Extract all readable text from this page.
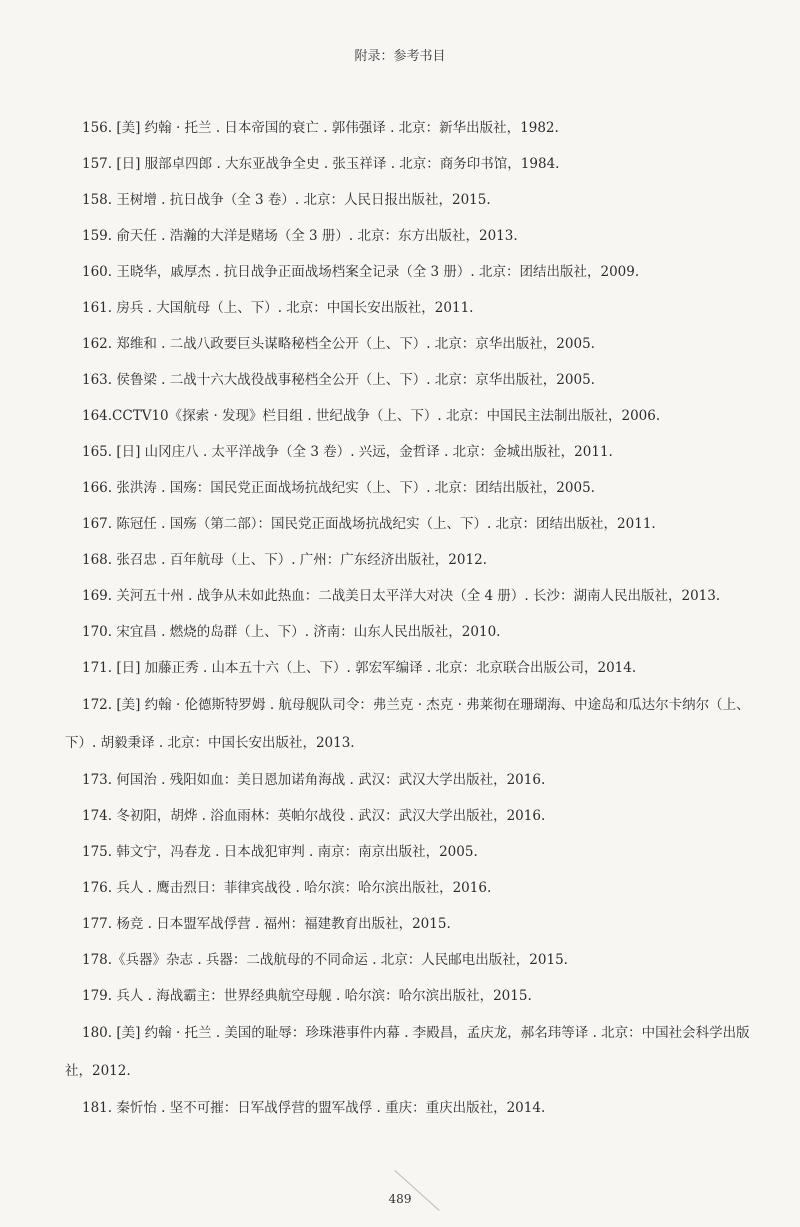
附录：参考书目
156. [美] 约翰 · 托兰 . 日本帝国的衰亡 . 郭伟强译 . 北京：新华出版社，1982.
157. [日] 服部卓四郎 . 大东亚战争全史 . 张玉祥译 . 北京：商务印书馆，1984.
158. 王树增 . 抗日战争（全 3 卷）. 北京：人民日报出版社，2015.
159. 俞天任 . 浩瀚的大洋是赌场（全 3 册）. 北京：东方出版社，2013.
160. 王晓华，戚厚杰 . 抗日战争正面战场档案全记录（全 3 册）. 北京：团结出版社，2009.
161. 房兵 . 大国航母（上、下）. 北京：中国长安出版社，2011.
162. 郑维和 . 二战八政要巨头谋略秘档全公开（上、下）. 北京：京华出版社，2005.
163. 侯鲁梁 . 二战十六大战役战事秘档全公开（上、下）. 北京：京华出版社，2005.
164.CCTV10《探索 · 发现》栏目组 . 世纪战争（上、下）. 北京：中国民主法制出版社，2006.
165. [日] 山冈庄八 . 太平洋战争（全 3 卷）. 兴远，金哲译 . 北京：金城出版社，2011.
166. 张洪涛 . 国殇：国民党正面战场抗战纪实（上、下）. 北京：团结出版社，2005.
167. 陈冠任 . 国殇（第二部）：国民党正面战场抗战纪实（上、下）. 北京：团结出版社，2011.
168. 张召忠 . 百年航母（上、下）. 广州：广东经济出版社，2012.
169. 关河五十州 . 战争从未如此热血：二战美日太平洋大对决（全 4 册）. 长沙：湖南人民出版社，2013.
170. 宋宜昌 . 燃烧的岛群（上、下）. 济南：山东人民出版社，2010.
171. [日] 加藤正秀 . 山本五十六（上、下）. 郭宏军编译 . 北京：北京联合出版公司，2014.
172. [美] 约翰 · 伦德斯特罗姆 . 航母舰队司令：弗兰克 · 杰克 · 弗莱彻在珊瑚海、中途岛和瓜达尔卡纳尔（上、下）. 胡毅秉译 . 北京：中国长安出版社，2013.
173. 何国治 . 残阳如血：美日恩加诺角海战 . 武汉：武汉大学出版社，2016.
174. 冬初阳，胡烨 . 浴血雨林：英帕尔战役 . 武汉：武汉大学出版社，2016.
175. 韩文宁，冯春龙 . 日本战犯审判 . 南京：南京出版社，2005.
176. 兵人 . 鹰击烈日：菲律宾战役 . 哈尔滨：哈尔滨出版社，2016.
177. 杨竞 . 日本盟军战俘营 . 福州：福建教育出版社，2015.
178.《兵器》杂志 . 兵器：二战航母的不同命运 . 北京：人民邮电出版社，2015.
179. 兵人 . 海战霸主：世界经典航空母舰 . 哈尔滨：哈尔滨出版社，2015.
180. [美] 约翰 · 托兰 . 美国的耻辱：珍珠港事件内幕 . 李殿昌，孟庆龙，郝名玮等译 . 北京：中国社会科学出版社，2012.
181. 秦忻怡 . 坚不可摧：日军战俘营的盟军战俘 . 重庆：重庆出版社，2014.
489
